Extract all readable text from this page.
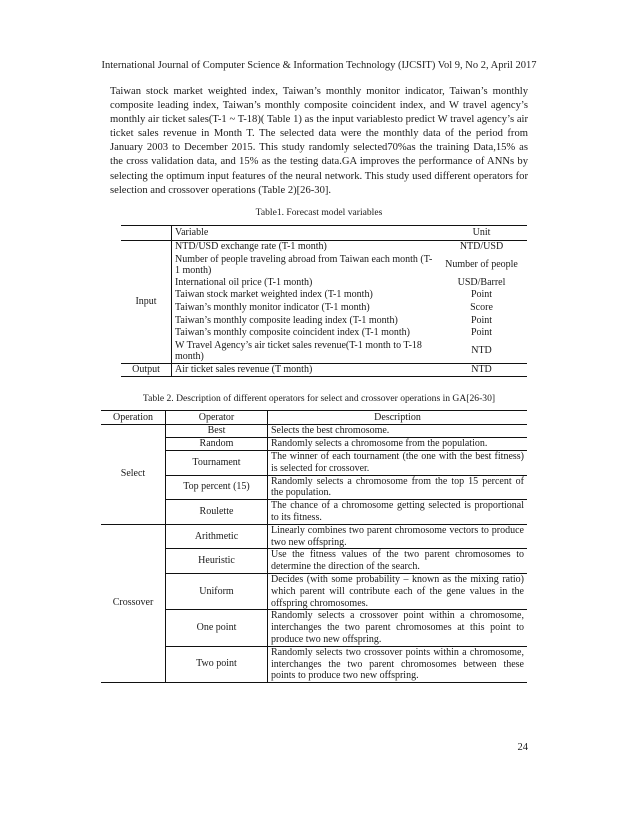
International Journal of Computer Science & Information Technology (IJCSIT) Vol 9, No 2, April 2017

Taiwan stock market weighted index, Taiwan’s monthly monitor indicator, Taiwan’s monthly composite leading index, Taiwan’s monthly composite coincident index, and W travel agency’s monthly air ticket sales(T-1 ~ T-18)( Table 1) as the input variablesto predict W travel agency’s air ticket sales revenue in Month T. The selected data were the monthly data of the period from January 2003 to December 2015. This study randomly selected70%as the training Data,15% as the cross validation data, and 15% as the testing data.GA improves the performance of ANNs by selecting the optimum input features of the neural network. This study used different operators for selection and crossover operations (Table 2)[26-30].

Table1. Forecast model variables
	Variable	Unit
Input	NTD/USD exchange rate (T-1 month)	NTD/USD
	Number of people traveling abroad from Taiwan each month (T-1 month)	Number of people
	International oil price (T-1 month)	USD/Barrel
	Taiwan stock market weighted index (T-1 month)	Point
	Taiwan’s monthly monitor indicator (T-1 month)	Score
	Taiwan’s monthly composite leading index (T-1 month)	Point
	Taiwan’s monthly composite coincident index (T-1 month)	Point
	W Travel Agency’s air ticket sales revenue(T-1 month to T-18 month)	NTD
Output	Air ticket sales revenue (T month)	NTD
Table 2. Description of different operators for select and crossover operations in GA[26-30]
Operation	Operator	Description
Select	Best	Selects the best chromosome.
	Random	Randomly selects a chromosome from the population.
	Tournament	The winner of each tournament (the one with the best fitness) is selected for crossover.
	Top percent (15)	Randomly selects a chromosome from the top 15 percent of the population.
	Roulette	The chance of a chromosome getting selected is proportional to its fitness.
Crossover	Arithmetic	Linearly combines two parent chromosome vectors to produce two new offspring.
	Heuristic	Use the fitness values of the two parent chromosomes to determine the direction of the search.
	Uniform	Decides (with some probability – known as the mixing ratio) which parent will contribute each of the gene values in the offspring chromosomes.
	One point	Randomly selects a crossover point within a chromosome, interchanges the two parent chromosomes at this point to produce two new offspring.
	Two point	Randomly selects two crossover points within a chromosome, interchanges the two parent chromosomes between these points to produce two new offspring.
24
